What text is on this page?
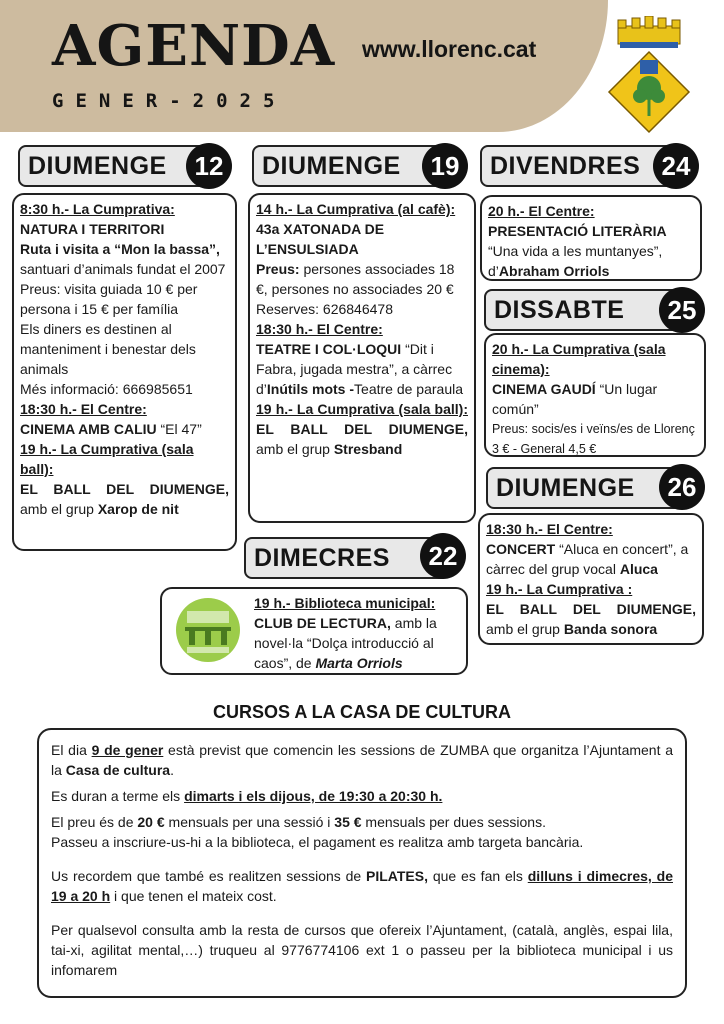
AGENDA
GENER-2025
www.llorenc.cat
DIUMENGE	12

8:30 h.- La Cumprativa:

NATURA I TERRITORI

Ruta i visita a “Mon la bassa”,

santuari d’animals fundat el 2007

Preus: visita guiada 10 € per persona i 15 € per família

Els diners es destinen al manteniment i benestar dels animals

Més informació: 666985651

18:30 h.- El Centre:

CINEMA AMB CALIU “El 47”

19 h.- La Cumprativa (sala ball):

EL BALL DEL DIUMENGE,

amb el grup Xarop de nit

DIUMENGE	19

14 h.- La Cumprativa (al cafè):

43a XATONADA DE L’ENSULSIADA

Preus: persones associades 18 €, persones no associades 20 €

Reserves: 626846478

18:30 h.- El Centre:

TEATRE I COL·LOQUI “Dit i Fabra, jugada mestra”, a càrrec d’Inútils mots -Teatre de paraula

19 h.- La Cumprativa (sala ball):

EL BALL DEL DIUMENGE,

amb el grup Stresband

DIVENDRES 24

20 h.- El Centre:

PRESENTACIÓ LITERÀRIA

“Una vida a les muntanyes”,

d’Abraham Orriols

DISSABTE	25

20 h.- La Cumprativa (sala cinema):

CINEMA GAUDÍ “Un lugar común”

Preus: socis/es i veïns/es de Llorenç 3 € - General 4,5 €

DIUMENGE	26

18:30 h.- El Centre:

CONCERT “Aluca en concert”, a càrrec del grup vocal Aluca

19 h.- La Cumprativa :

EL BALL DEL DIUMENGE,

amb el grup Banda sonora

DIMECRES	22

19 h.- Biblioteca municipal:

CLUB DE LECTURA, amb la novel·la “Dolça introducció al caos”, de Marta Orriols

CURSOS A LA CASA DE CULTURA

El dia 9 de gener està previst que comencin les sessions de ZUMBA que organitza l’Ajuntament a la Casa de cultura.

Es duran a terme els dimarts i els dijous, de 19:30 a 20:30 h.

El preu és de 20 € mensuals per una sessió i 35 € mensuals per dues sessions.

Passeu a inscriure-us-hi a la biblioteca, el pagament es realitza amb targeta bancària.

Us recordem que també es realitzen sessions de PILATES, que es fan els dilluns i dimecres, de 19 a 20 h i que tenen el mateix cost.

Per qualsevol consulta amb la resta de cursos que ofereix l’Ajuntament, (català, anglès, espai lila, tai-xi, agilitat mental,…) truqueu al 9776774106 ext 1 o passeu per la biblioteca municipal i us infomarem
